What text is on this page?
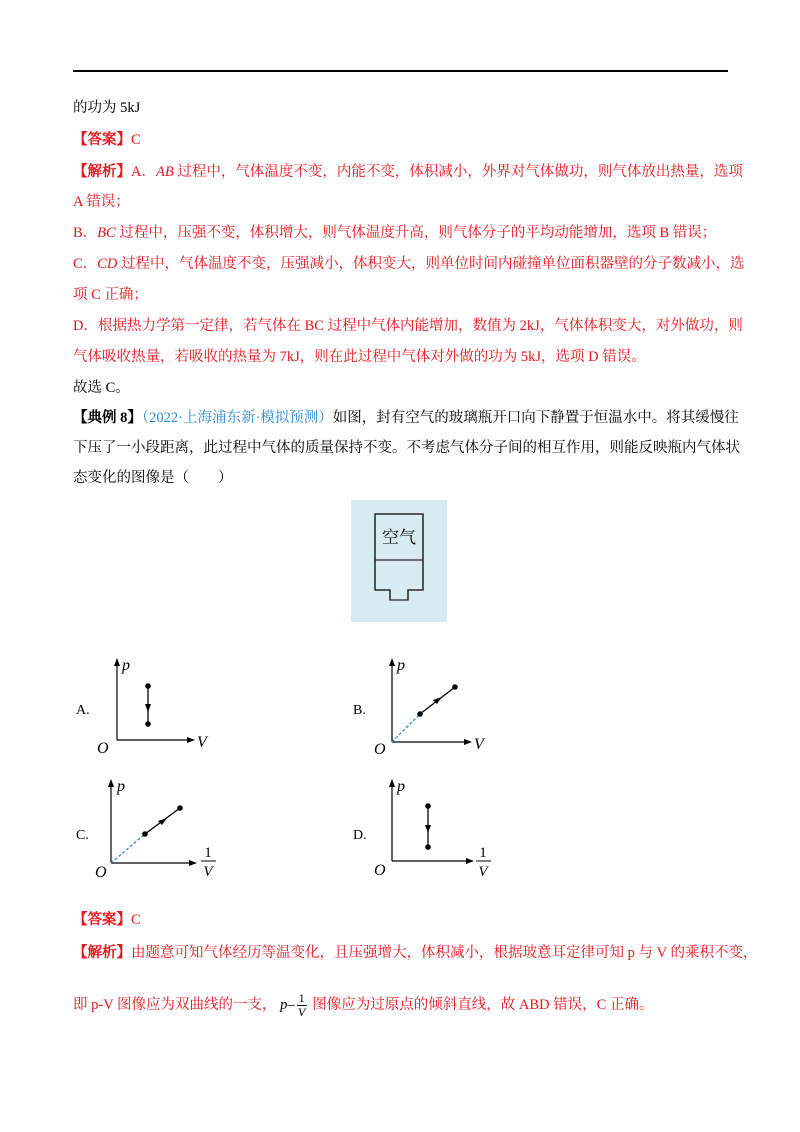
的功为 5kJ
【答案】C
【解析】A．AB 过程中，气体温度不变，内能不变，体积减小，外界对气体做功，则气体放出热量，选项
A 错误；
B．BC 过程中，压强不变，体积增大，则气体温度升高，则气体分子的平均动能增加，选项 B 错误；
C．CD 过程中，气体温度不变，压强减小，体积变大，则单位时间内碰撞单位面积器壁的分子数减小，选
项 C 正确；
D．根据热力学第一定律，若气体在 BC 过程中气体内能增加，数值为 2kJ，气体体积变大，对外做功，则
气体吸收热量，若吸收的热量为 7kJ，则在此过程中气体对外做的功为 5kJ，选项 D 错误。
故选 C。
【典例 8】（2022·上海浦东新·模拟预测）如图，封有空气的玻璃瓶开口向下静置于恒温水中。将其缓慢往
下压了一小段距离，此过程中气体的质量保持不变。不考虑气体分子间的相互作用，则能反映瓶内气体状
态变化的图像是（　　）
空气
A.
p
V
O
B.
p
V
O
C.
p
1
V
O
D.
p
1
V
O
【答案】C
【解析】由题意可知气体经历等温变化，且压强增大，体积减小，根据玻意耳定律可知 p 与 V 的乘积不变，
即 p-V 图像应为双曲线的一支， $p- \frac{1}{V}$ 图像应为过原点的倾斜直线，故 ABD 错误，C 正确。
